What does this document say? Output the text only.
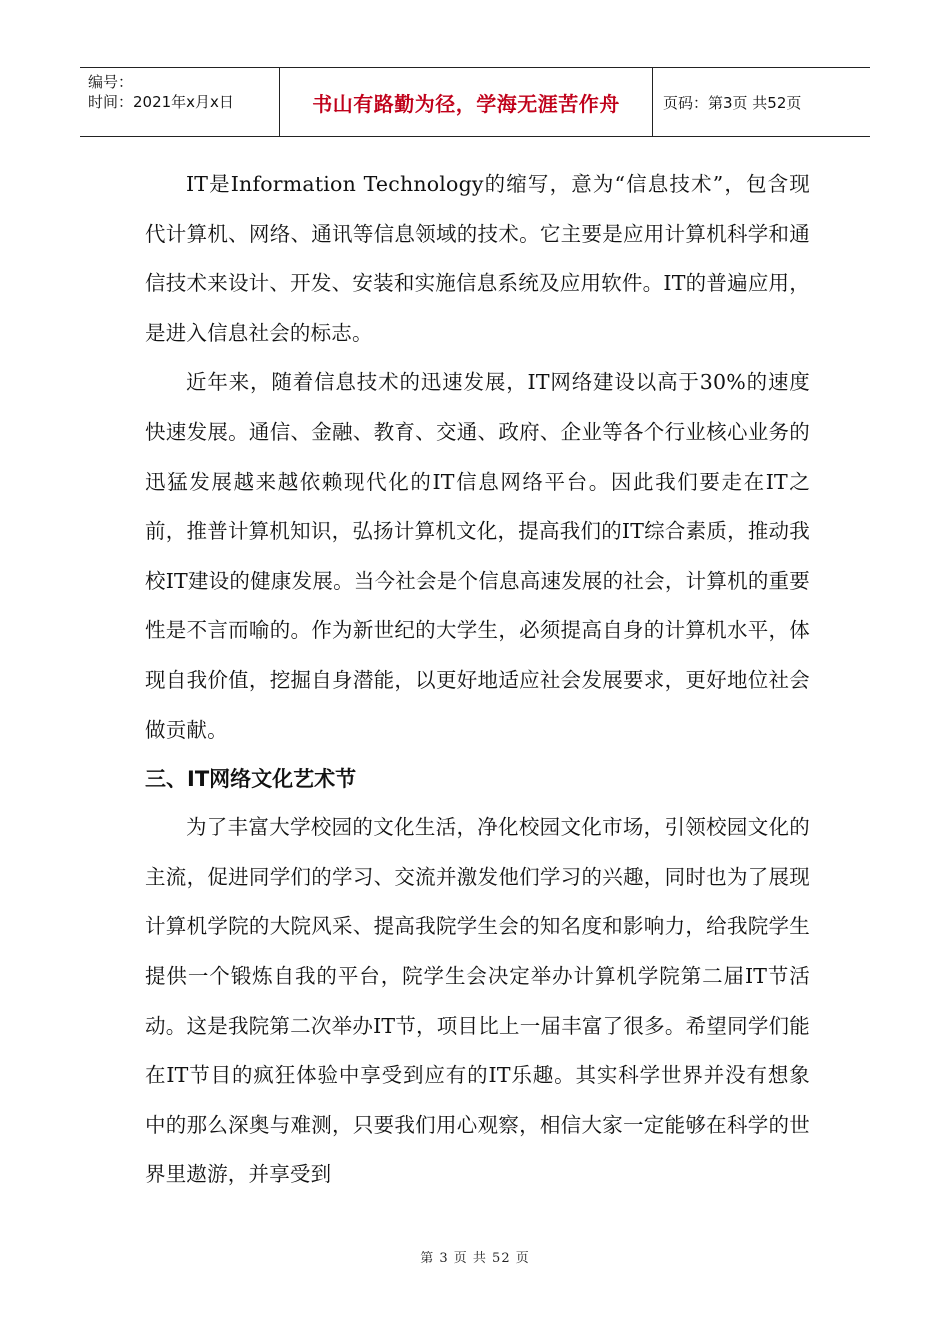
编号：
时间：2021年x月x日	书山有路勤为径，学海无涯苦作舟	页码：第3页 共52页

IT是Information Technology的缩写，意为“信息技术”，包含现代计算机、网络、通讯等信息领域的技术。它主要是应用计算机科学和通信技术来设计、开发、安装和实施信息系统及应用软件。IT的普遍应用，是进入信息社会的标志。

近年来，随着信息技术的迅速发展，IT网络建设以高于30%的速度快速发展。通信、金融、教育、交通、政府、企业等各个行业核心业务的迅猛发展越来越依赖现代化的IT信息网络平台。因此我们要走在IT之前，推普计算机知识，弘扬计算机文化，提高我们的IT综合素质，推动我校IT建设的健康发展。当今社会是个信息高速发展的社会，计算机的重要性是不言而喻的。作为新世纪的大学生，必须提高自身的计算机水平，体现自我价值，挖掘自身潜能，以更好地适应社会发展要求，更好地位社会做贡献。

三、IT网络文化艺术节

为了丰富大学校园的文化生活，净化校园文化市场，引领校园文化的主流，促进同学们的学习、交流并激发他们学习的兴趣，同时也为了展现计算机学院的大院风采、提高我院学生会的知名度和影响力，给我院学生提供一个锻炼自我的平台，院学生会决定举办计算机学院第二届IT节活动。这是我院第二次举办IT节，项目比上一届丰富了很多。希望同学们能在IT节目的疯狂体验中享受到应有的IT乐趣。其实科学世界并没有想象中的那么深奥与难测，只要我们用心观察，相信大家一定能够在科学的世界里遨游，并享受到

第 3 页 共 52 页
